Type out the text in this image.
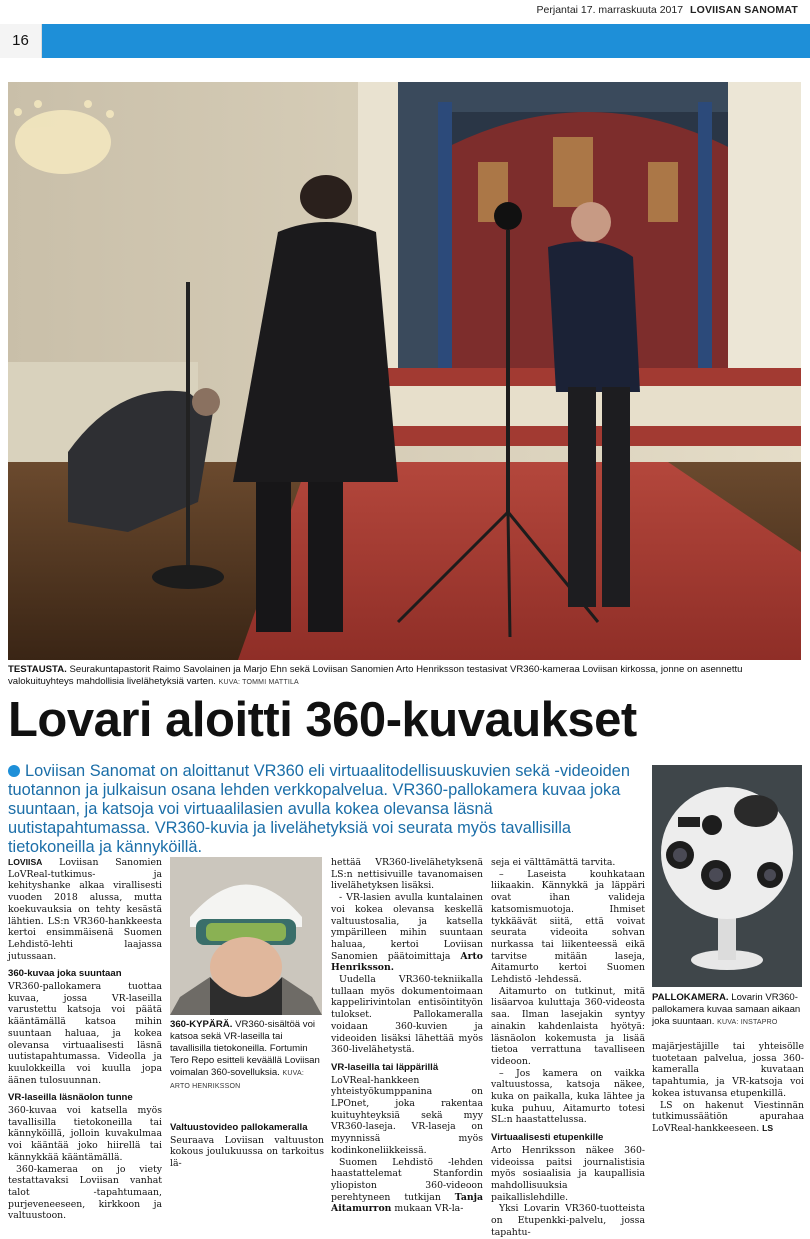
Perjantai 17. marraskuuta 2017 LOVIISAN SANOMAT
16
TESTAUSTA. Seurakuntapastorit Raimo Savolainen ja Marjo Ehn sekä Loviisan Sanomien Arto Henriksson testasivat VR360-kameraa Loviisan kirkossa, jonne on asennettu valokuituyhteys mahdollisia livelähetyksiä varten. KUVA: TOMMI MATTILA
Lovari aloitti 360-kuvaukset
Loviisan Sanomat on aloittanut VR360 eli virtuaalitodellisuuskuvien sekä -videoiden tuotannon ja julkaisun osana lehden verkkopalvelua. VR360-pallokamera kuvaa joka suuntaan, ja katsoja voi virtuaalilasien avulla kokea olevansa läsnä uutistapahtumassa. VR360-kuvia ja livelähetyksiä voi seurata myös tavallisilla tietokoneilla ja kännyköillä.
PALLOKAMERA. Lovarin VR360-pallokamera kuvaa samaan aikaan joka suuntaan. KUVA: INSTAPRO
360-KYPÄRÄ. VR360-sisältöä voi katsoa sekä VR-laseilla tai tavallisilla tietokoneilla. Fortumin Tero Repo esitteli keväällä Loviisan voimalan 360-sovelluksia. KUVA: ARTO HENRIKSSON

LOVIISA Loviisan Sanomien LoVReal-tutkimus- ja kehityshanke alkaa virallisesti vuoden 2018 alussa, mutta koekuvauksia on tehty kesästä lähtien. LS:n VR360-hankkeesta kertoi ensimmäisenä Suomen Lehdistö-lehti laajassa jutussaan.

360-kuvaa joka suuntaan

VR360-pallokamera tuottaa kuvaa, jossa VR-laseilla varustettu katsoja voi päätä kääntämällä katsoa mihin suuntaan haluaa, ja kokea olevansa virtuaalisesti läsnä uutistapahtumassa. Videolla ja kuulokkeilla voi kuulla jopa äänen tulosuunnan.

VR-laseilla läsnäolon tunne

360-kuvaa voi katsella myös tavallisilla tietokoneilla tai kännyköillä, jolloin kuvakulmaa voi kääntää joko hiirellä tai kännykkää kääntämällä.

360-kameraa on jo viety testattavaksi Loviisan vanhat talot -tapahtumaan, purjeveneeseen, kirkkoon ja valtuustoon.

Valtuustovideo pallokameralla

Seuraava Loviisan valtuuston kokous joulukuussa on tarkoitus lä-

hettää VR360-livelähetyksenä LS:n nettisivuille tavanomaisen livelähetyksen lisäksi.

- VR-lasien avulla kuntalainen voi kokea olevansa keskellä valtuustosalia, ja katsella ympärilleen mihin suuntaan haluaa, kertoi Loviisan Sanomien päätoimittaja Arto Henriksson.

Uudella VR360-tekniikalla tullaan myös dokumentoimaan kappelirivintolan entisöintityön tulokset. Pallokameralla voidaan 360-kuvien ja videoiden lisäksi lähettää myös 360-livelähetystä.

VR-laseilla tai läppärillä

LoVReal-hankkeen yhteistyökumppanina on LPOnet, joka rakentaa kuituyhteyksiä sekä myy VR360-laseja. VR-laseja on myynnissä myös kodinkoneliikkeissä.

Suomen Lehdistö -lehden haastattelemat Stanfordin yliopiston 360-videoon perehtyneen tutkijan Tanja Aitamurron mukaan VR-la-

seja ei välttämättä tarvita.

– Laseista kouhkataan liikaakin. Kännykkä ja läppäri ovat ihan valideja katsomismuotoja. Ihmiset tykkäävät siitä, että voivat seurata videoita sohvan nurkassa tai liikenteessä eikä tarvitse mitään laseja, Aitamurto kertoi Suomen Lehdistö -lehdessä.

Aitamurto on tutkinut, mitä lisäarvoa kuluttaja 360-videosta saa. Ilman lasejakin syntyy ainakin kahdenlaista hyötyä: läsnäolon kokemusta ja lisää tietoa verrattuna tavalliseen videoon.

– Jos kamera on vaikka valtuustossa, katsoja näkee, kuka on paikalla, kuka lähtee ja kuka puhuu, Aitamurto totesi SL:n haastattelussa.

Virtuaalisesti etupenkille

Arto Henriksson näkee 360-videoissa paitsi journalistisia myös sosiaalisia ja kaupallisia mahdollisuuksia paikallislehdille.

Yksi Lovarin VR360-tuotteista on Etupenkki-palvelu, jossa tapahtu-

majärjestäjille tai yhteisölle tuotetaan palvelua, jossa 360-kameralla kuvataan tapahtumia, ja VR-katsoja voi kokea istuvansa etupenkillä.

LS on hakenut Viestinnän tutkimussäätiön apurahaa LoVReal-hankkeeseen. LS
